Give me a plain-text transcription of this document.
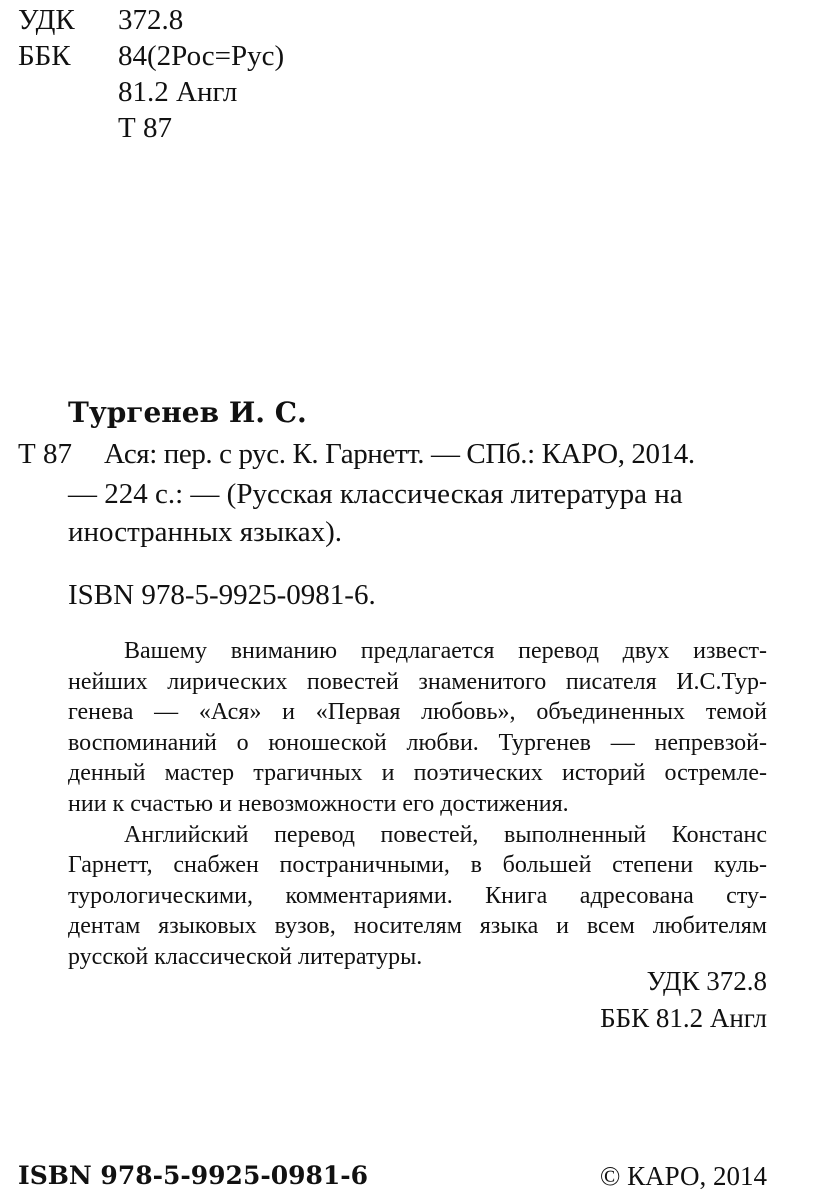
УДК 372.8
ББК 84(2Рос=Рус)
81.2 Англ
Т 87
Тургенев И. С.
Т 87 Ася: пер. с рус. К. Гарнетт. — СПб.: КАРО, 2014.
— 224 с.: — (Русская классическая литература на
иностранных языках).
ISBN 978-5-9925-0981-6.
Вашему вниманию предлагается перевод двух извест-
нейших лирических повестей знаменитого писателя И.С.Тур-
генева — «Ася» и «Первая любовь», объединенных темой
воспоминаний о юношеской любви. Тургенев — непревзой-
денный мастер трагичных и поэтических историй остремле-
нии к счастью и невозможности его достижения.
Английский перевод повестей, выполненный Констанс
Гарнетт, снабжен постраничными, в большей степени куль-
турологическими, комментариями. Книга адресована сту-
дентам языковых вузов, носителям языка и всем любителям
русской классической литературы.
УДК 372.8
ББК 81.2 Англ
ISBN 978-5-9925-0981-6	© КАРО, 2014
